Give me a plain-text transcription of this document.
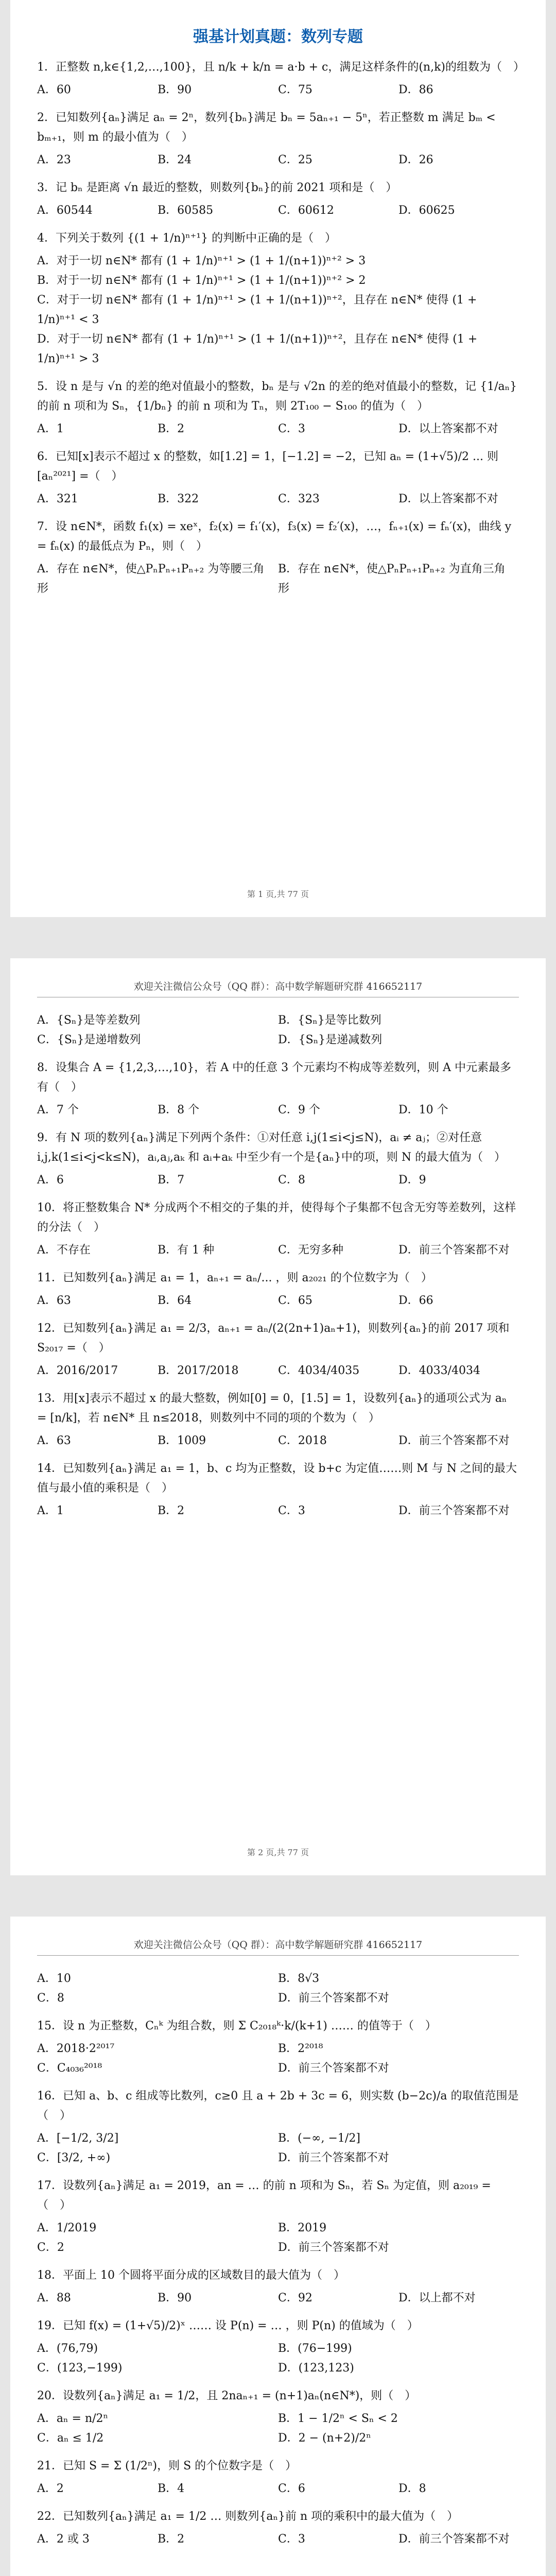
强基计划真题：数列专题
1．正整数 n,k∈{1,2,…,100}，且 n/k + k/n = a·b + c，满足这样条件的(n,k)的组数为（　）
A．60	B．90	C．75	D．86
2．已知数列{aₙ}满足 aₙ = 2ⁿ，数列{bₙ}满足 bₙ = 5aₙ₊₁ − 5ⁿ，若正整数 m 满足 bₘ < bₘ₊₁，则 m 的最小值为（　）
A．23	B．24	C．25	D．26
3．记 bₙ 是距离 √n 最近的整数，则数列{bₙ}的前 2021 项和是（　）
A．60544	B．60585	C．60612	D．60625
4．下列关于数列 {(1 + 1/n)ⁿ⁺¹} 的判断中正确的是（　）
A．对于一切 n∈N* 都有 (1 + 1/n)ⁿ⁺¹ > (1 + 1/(n+1))ⁿ⁺² > 3
B．对于一切 n∈N* 都有 (1 + 1/n)ⁿ⁺¹ > (1 + 1/(n+1))ⁿ⁺² > 2
C．对于一切 n∈N* 都有 (1 + 1/n)ⁿ⁺¹ > (1 + 1/(n+1))ⁿ⁺²，且存在 n∈N* 使得 (1 + 1/n)ⁿ⁺¹ < 3
D．对于一切 n∈N* 都有 (1 + 1/n)ⁿ⁺¹ > (1 + 1/(n+1))ⁿ⁺²，且存在 n∈N* 使得 (1 + 1/n)ⁿ⁺¹ > 3
5．设 n 是与 √n 的差的绝对值最小的整数，bₙ 是与 √2n 的差的绝对值最小的整数，记 {1/aₙ} 的前 n 项和为 Sₙ，{1/bₙ} 的前 n 项和为 Tₙ，则 2T₁₀₀ − S₁₀₀ 的值为（　）
A．1	B．2	C．3	D．以上答案都不对
6．已知[x]表示不超过 x 的整数，如[1.2] = 1，[−1.2] = −2，已知 aₙ = (1+√5)/2 ... 则 [aₙ²⁰²¹] =（　）
A．321	B．322	C．323	D．以上答案都不对
7．设 n∈N*，函数 f₁(x) = xeˣ，f₂(x) = f₁′(x)，f₃(x) = f₂′(x)，…，fₙ₊₁(x) = fₙ′(x)，曲线 y = fₙ(x) 的最低点为 Pₙ，则（　）
A．存在 n∈N*，使△PₙPₙ₊₁Pₙ₊₂ 为等腰三角形
B．存在 n∈N*，使△PₙPₙ₊₁Pₙ₊₂ 为直角三角形
第 1 页,共 77 页
欢迎关注微信公众号（QQ 群）：高中数学解题研究群 416652117
A．{Sₙ}是等差数列	B．{Sₙ}是等比数列
C．{Sₙ}是递增数列	D．{Sₙ}是递减数列
8．设集合 A = {1,2,3,…,10}，若 A 中的任意 3 个元素均不构成等差数列，则 A 中元素最多有（　）
A．7 个	B．8 个	C．9 个	D．10 个
9．有 N 项的数列{aₙ}满足下列两个条件：①对任意 i,j(1≤i<j≤N)，aᵢ ≠ aⱼ；②对任意 i,j,k(1≤i<j<k≤N)，aᵢ,aⱼ,aₖ 和 aᵢ+aₖ 中至少有一个是{aₙ}中的项，则 N 的最大值为（　）
A．6	B．7	C．8	D．9
10．将正整数集合 N* 分成两个不相交的子集的并，使得每个子集都不包含无穷等差数列，这样的分法（　）
A．不存在	B．有 1 种	C．无穷多种	D．前三个答案都不对
11．已知数列{aₙ}满足 a₁ = 1，aₙ₊₁ = aₙ/... ，则 a₂₀₂₁ 的个位数字为（　）
A．63	B．64	C．65	D．66
12．已知数列{aₙ}满足 a₁ = 2/3，aₙ₊₁ = aₙ/(2(2n+1)aₙ+1)，则数列{aₙ}的前 2017 项和 S₂₀₁₇ =（　）
A．2016/2017	B．2017/2018	C．4034/4035	D．4033/4034
13．用[x]表示不超过 x 的最大整数，例如[0] = 0，[1.5] = 1，设数列{aₙ}的通项公式为 aₙ = [n/k]，若 n∈N* 且 n≤2018，则数列中不同的项的个数为（　）
A．63	B．1009	C．2018	D．前三个答案都不对
14．已知数列{aₙ}满足 a₁ = 1，b、c 均为正整数，设 b+c 为定值……则 M 与 N 之间的最大值与最小值的乘积是（　）
A．1	B．2	C．3	D．前三个答案都不对
第 2 页,共 77 页
欢迎关注微信公众号（QQ 群）：高中数学解题研究群 416652117
A．10	B．8√3
C．8	D．前三个答案都不对
15．设 n 为正整数，Cₙᵏ 为组合数，则 Σ C₂₀₁₈ᵏ·k/(k+1) …… 的值等于（　）
A．2018·2²⁰¹⁷	B．2²⁰¹⁸
C．C₄₀₃₆²⁰¹⁸	D．前三个答案都不对
16．已知 a、b、c 组成等比数列，c≥0 且 a + 2b + 3c = 6，则实数 (b−2c)/a 的取值范围是（　）
A．[−1/2, 3/2]	B．(−∞, −1/2]
C．[3/2, +∞)	D．前三个答案都不对
17．设数列{aₙ}满足 a₁ = 2019，an = … 的前 n 项和为 Sₙ，若 Sₙ 为定值，则 a₂₀₁₉ =（　）
A．1/2019	B．2019
C．2	D．前三个答案都不对
18．平面上 10 个圆将平面分成的区域数目的最大值为（　）
A．88	B．90	C．92	D．以上都不对
19．已知 f(x) = (1+√5)/2)ˣ …… 设 P(n) = … ，则 P(n) 的值域为（　）
A．(76,79)	B．(76−199)
C．(123,−199)	D．(123,123)
20．设数列{aₙ}满足 a₁ = 1/2，且 2naₙ₊₁ = (n+1)aₙ(n∈N*)，则（　）
A．aₙ = n/2ⁿ	B．1 − 1/2ⁿ < Sₙ < 2
C．aₙ ≤ 1/2	D．2 − (n+2)/2ⁿ
21．已知 S = Σ (1/2ⁿ)，则 S 的个位数字是（　）
A．2	B．4	C．6	D．8
22．已知数列{aₙ}满足 a₁ = 1/2 … 则数列{aₙ}前 n 项的乘积中的最大值为（　）
A．2 或 3	B．2	C．3	D．前三个答案都不对
